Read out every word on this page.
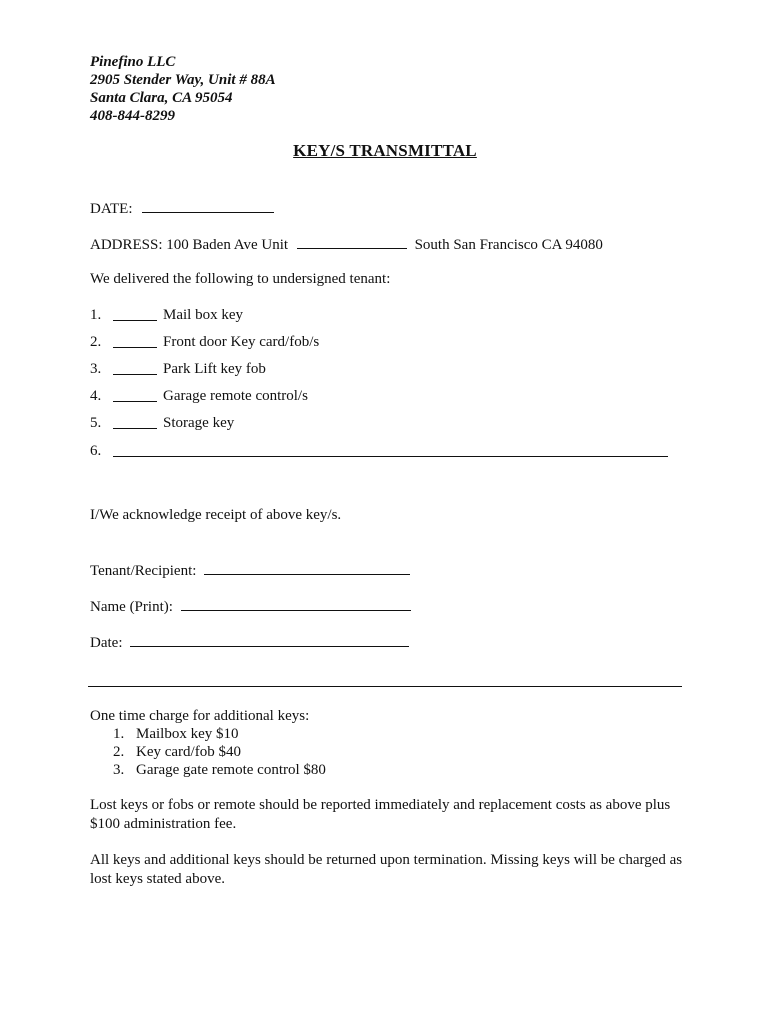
Pinefino LLC
2905 Stender Way, Unit # 88A
Santa Clara, CA 95054
408-844-8299
KEY/S TRANSMITTAL
DATE:
ADDRESS: 100 Baden Ave Unit	South San Francisco CA 94080
We delivered the following to undersigned tenant:
1.	Mail box key
2.	Front door Key card/fob/s
3.	Park Lift key fob
4.	Garage remote control/s
5.	Storage key
6.
I/We acknowledge receipt of above key/s.
Tenant/Recipient:
Name (Print):
Date:
One time charge for additional keys:
1. Mailbox key $10
2. Key card/fob $40
3. Garage gate remote control $80
Lost keys or fobs or remote should be reported immediately and replacement costs as above plus $100 administration fee.
All keys and additional keys should be returned upon termination. Missing keys will be charged as lost keys stated above.
